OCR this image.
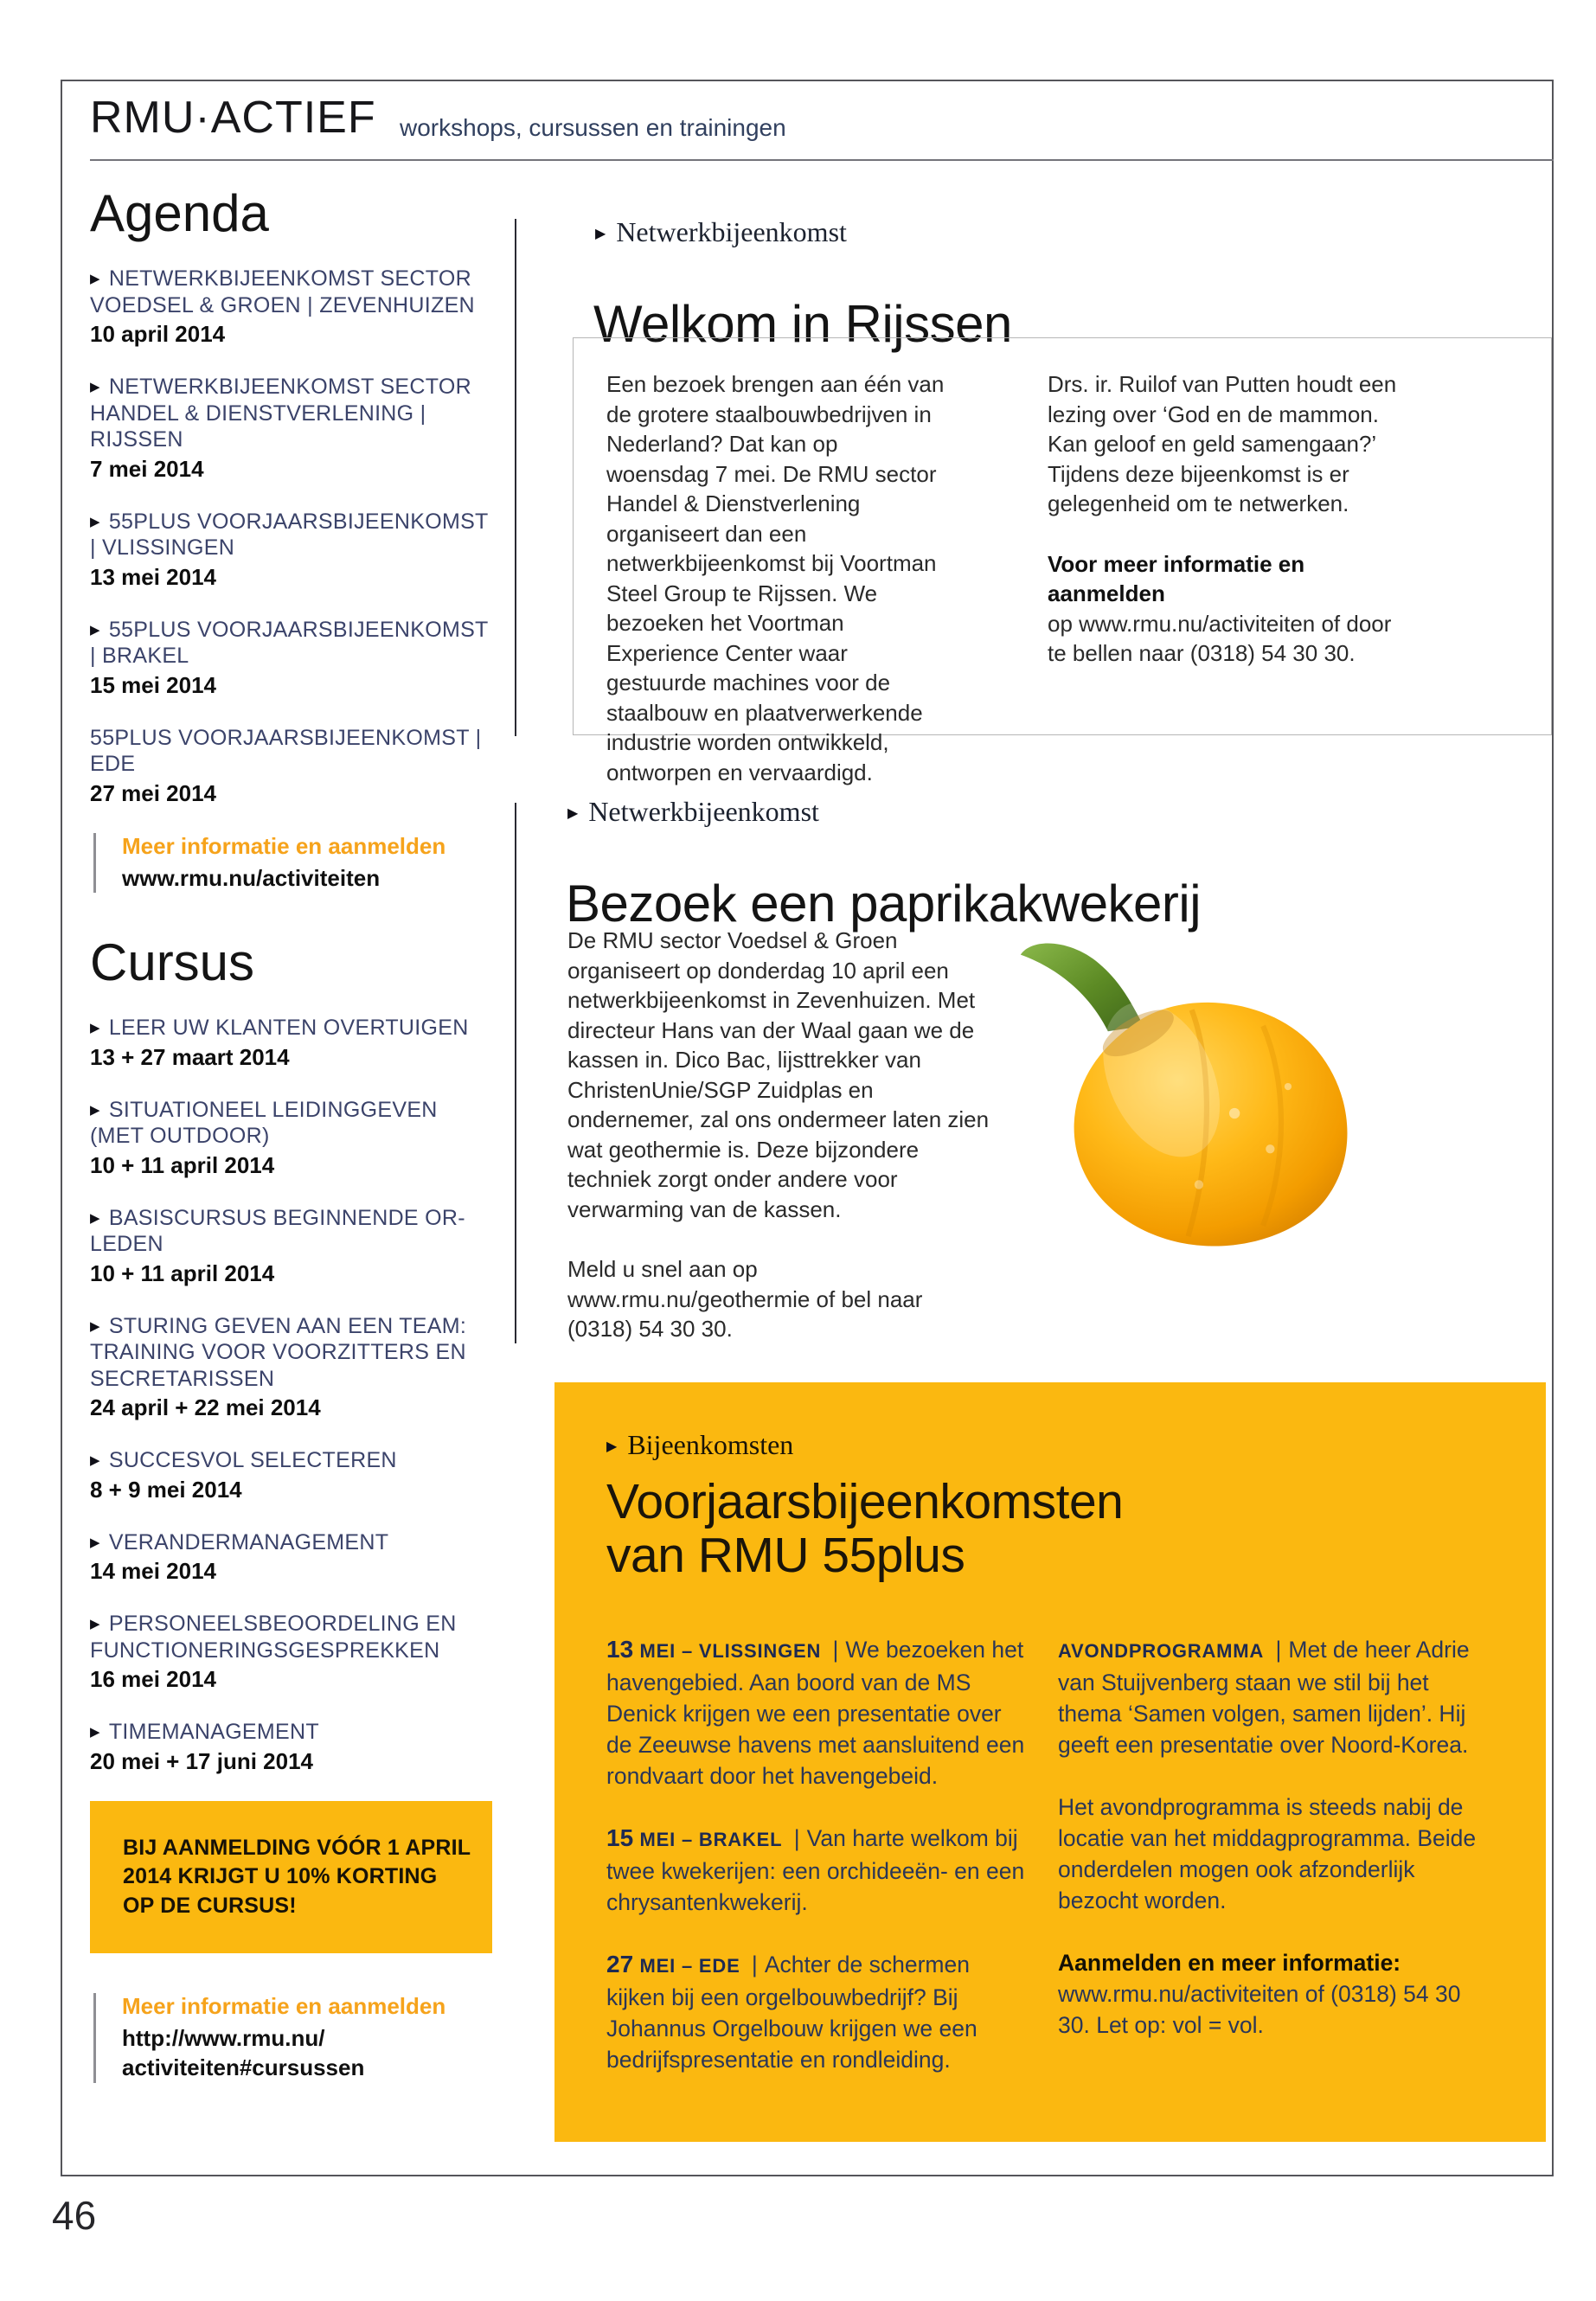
RMU·ACTIEF workshops, cursussen en trainingen
Agenda
▶ NETWERKBIJEENKOMST SECTOR VOEDSEL & GROEN | ZEVENHUIZEN
10 april 2014
▶ NETWERKBIJEENKOMST SECTOR HANDEL & DIENSTVERLENING | RIJSSEN
7 mei 2014
▶ 55PLUS VOORJAARSBIJEENKOMST | VLISSINGEN
13 mei 2014
▶ 55PLUS VOORJAARSBIJEENKOMST | BRAKEL
15 mei 2014
55PLUS VOORJAARSBIJEENKOMST | EDE
27 mei 2014
Meer informatie en aanmelden
www.rmu.nu/activiteiten
Cursus
▶ LEER UW KLANTEN OVERTUIGEN
13 + 27 maart 2014
▶ SITUATIONEEL LEIDINGGEVEN (MET OUTDOOR)
10 + 11 april 2014
▶ BASISCURSUS BEGINNENDE OR-LEDEN
10 + 11 april 2014
▶ STURING GEVEN AAN EEN TEAM: TRAINING VOOR VOORZITTERS EN SECRETARISSEN
24 april + 22 mei 2014
▶ SUCCESVOL SELECTEREN
8 + 9 mei 2014
▶ VERANDERMANAGEMENT
14 mei 2014
▶ PERSONEELSBEOORDELING EN FUNCTIONERINGSGESPREKKEN
16 mei 2014
▶ TIMEMANAGEMENT
20 mei + 17 juni 2014
BIJ AANMELDING VÓÓR 1 APRIL 2014 KRIJGT U 10% KORTING OP DE CURSUS!
Meer informatie en aanmelden
http://www.rmu.nu/
activiteiten#cursussen
▶ Netwerkbijeenkomst
Welkom in Rijssen
Een bezoek brengen aan één van de grotere staalbouwbedrijven in Nederland? Dat kan op woensdag 7 mei. De RMU sector Handel & Dienstverlening organiseert dan een netwerkbijeenkomst bij Voortman Steel Group te Rijssen. We bezoeken het Voortman Experience Center waar gestuurde machines voor de staalbouw en plaatverwerkende industrie worden ontwikkeld, ontworpen en vervaardigd.
Drs. ir. Ruilof van Putten houdt een lezing over ‘God en de mammon. Kan geloof en geld samengaan?’ Tijdens deze bijeenkomst is er gelegenheid om te netwerken.
Voor meer informatie en aanmelden
op www.rmu.nu/activiteiten of door te bellen naar (0318) 54 30 30.
▶ Netwerkbijeenkomst
Bezoek een paprikakwekerij
De RMU sector Voedsel & Groen organiseert op donderdag 10 april een netwerkbijeenkomst in Zevenhuizen. Met directeur Hans van der Waal gaan we de kassen in. Dico Bac, lijsttrekker van ChristenUnie/SGP Zuidplas en ondernemer, zal ons ondermeer laten zien wat geothermie is. Deze bijzondere techniek zorgt onder andere voor verwarming van de kassen.
Meld u snel aan op www.rmu.nu/geothermie of bel naar (0318) 54 30 30.
▶ Bijeenkomsten
Voorjaarsbijeenkomsten
van RMU 55plus

13 MEI – VLISSINGEN | We bezoeken het havengebied. Aan boord van de MS Denick krijgen we een presentatie over de Zeeuwse havens met aansluitend een rondvaart door het havengebeid.

15 MEI – BRAKEL | Van harte welkom bij twee kwekerijen: een orchideeën- en een chrysantenkwekerij.

27 MEI – EDE | Achter de schermen kijken bij een orgelbouwbedrijf? Bij Johannus Orgelbouw krijgen we een bedrijfspresentatie en rondleiding.

AVONDPROGRAMMA | Met de heer Adrie van Stuijvenberg staan we stil bij het thema ‘Samen volgen, samen lijden’. Hij geeft een presentatie over Noord-Korea.

Het avondprogramma is steeds nabij de locatie van het middagprogramma. Beide onderdelen mogen ook afzonderlijk bezocht worden.

Aanmelden en meer informatie:
www.rmu.nu/activiteiten of (0318) 54 30 30. Let op: vol = vol.

46
